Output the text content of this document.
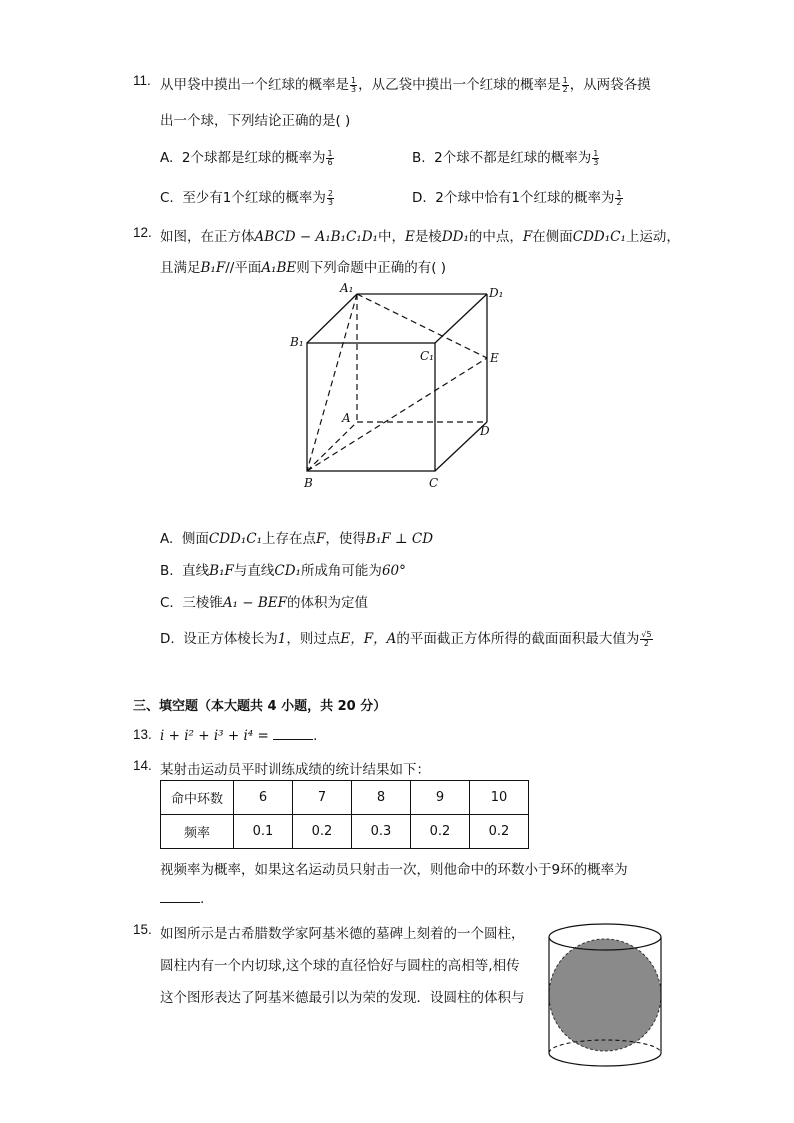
11. 从甲袋中摸出一个红球的概率是 $\frac{1}{3}$ ，从乙袋中摸出一个红球的概率是 $\frac{1}{2}$ ，从两袋各摸
出一个球，下列结论正确的是( )
A. 2个球都是红球的概率为 $\frac{1}{6}$	B. 2个球不都是红球的概率为 $\frac{1}{3}$
C. 至少有1个红球的概率为 $\frac{2}{3}$	D. 2个球中恰有1个红球的概率为 $\frac{1}{2}$
12. 如图，在正方体ABCD − A₁B₁C₁D₁中，E是棱DD₁的中点，F在侧面CDD₁C₁上运动，
且满足B₁F//平面A₁BE则下列命题中正确的有( )
A₁	D₁
B₁
C₁	E
A
D
B	C
A. 侧面CDD₁C₁上存在点F，使得B₁F ⊥ CD
B. 直线B₁F与直线CD₁所成角可能为60°
C. 三棱锥A₁ − BEF的体积为定值
D. 设正方体棱长为1，则过点E，F，A的平面截正方体所得的截面面积最大值为 $\frac{√5}{2}$
三、填空题（本大题共 4 小题，共 20 分）
13. i + i² + i³ + i⁴ =	.
14. 某射击运动员平时训练成绩的统计结果如下：
命中环数	6	7	8	9	10
频率	0.1	0.2	0.3	0.2	0.2
视频率为概率，如果这名运动员只射击一次，则他命中的环数小于9环的概率为
.
15. 如图所示是古希腊数学家阿基米德的墓碑上刻着的一个圆柱，
圆柱内有一个内切球,这个球的直径恰好与圆柱的高相等,相传
这个图形表达了阿基米德最引以为荣的发现．设圆柱的体积与
